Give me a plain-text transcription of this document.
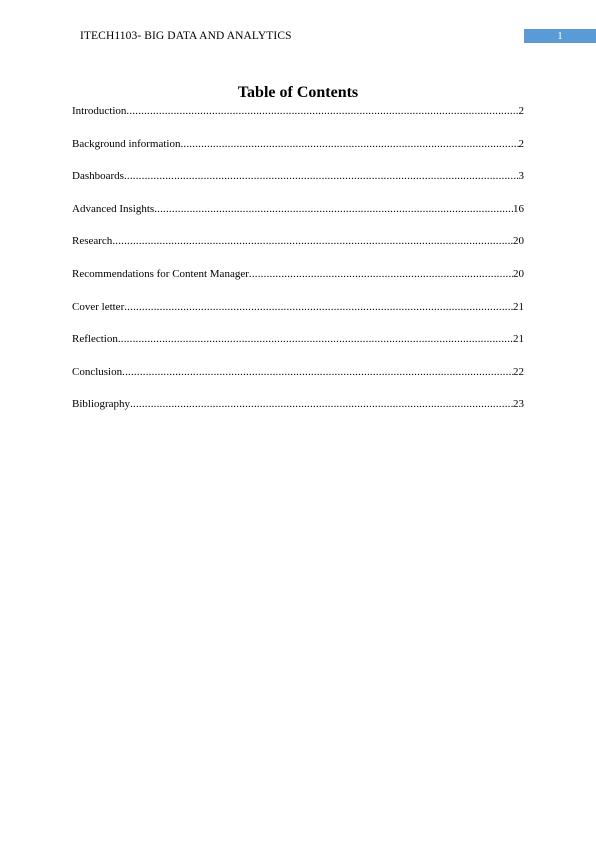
ITECH1103- BIG DATA AND ANALYTICS	1
Table of Contents
Introduction .....	2
Background information .....	2
Dashboards .....	3
Advanced Insights .....	16
Research .....	20
Recommendations for Content Manager .....	20
Cover letter .....	21
Reflection .....	21
Conclusion .....	22
Bibliography .....	23
